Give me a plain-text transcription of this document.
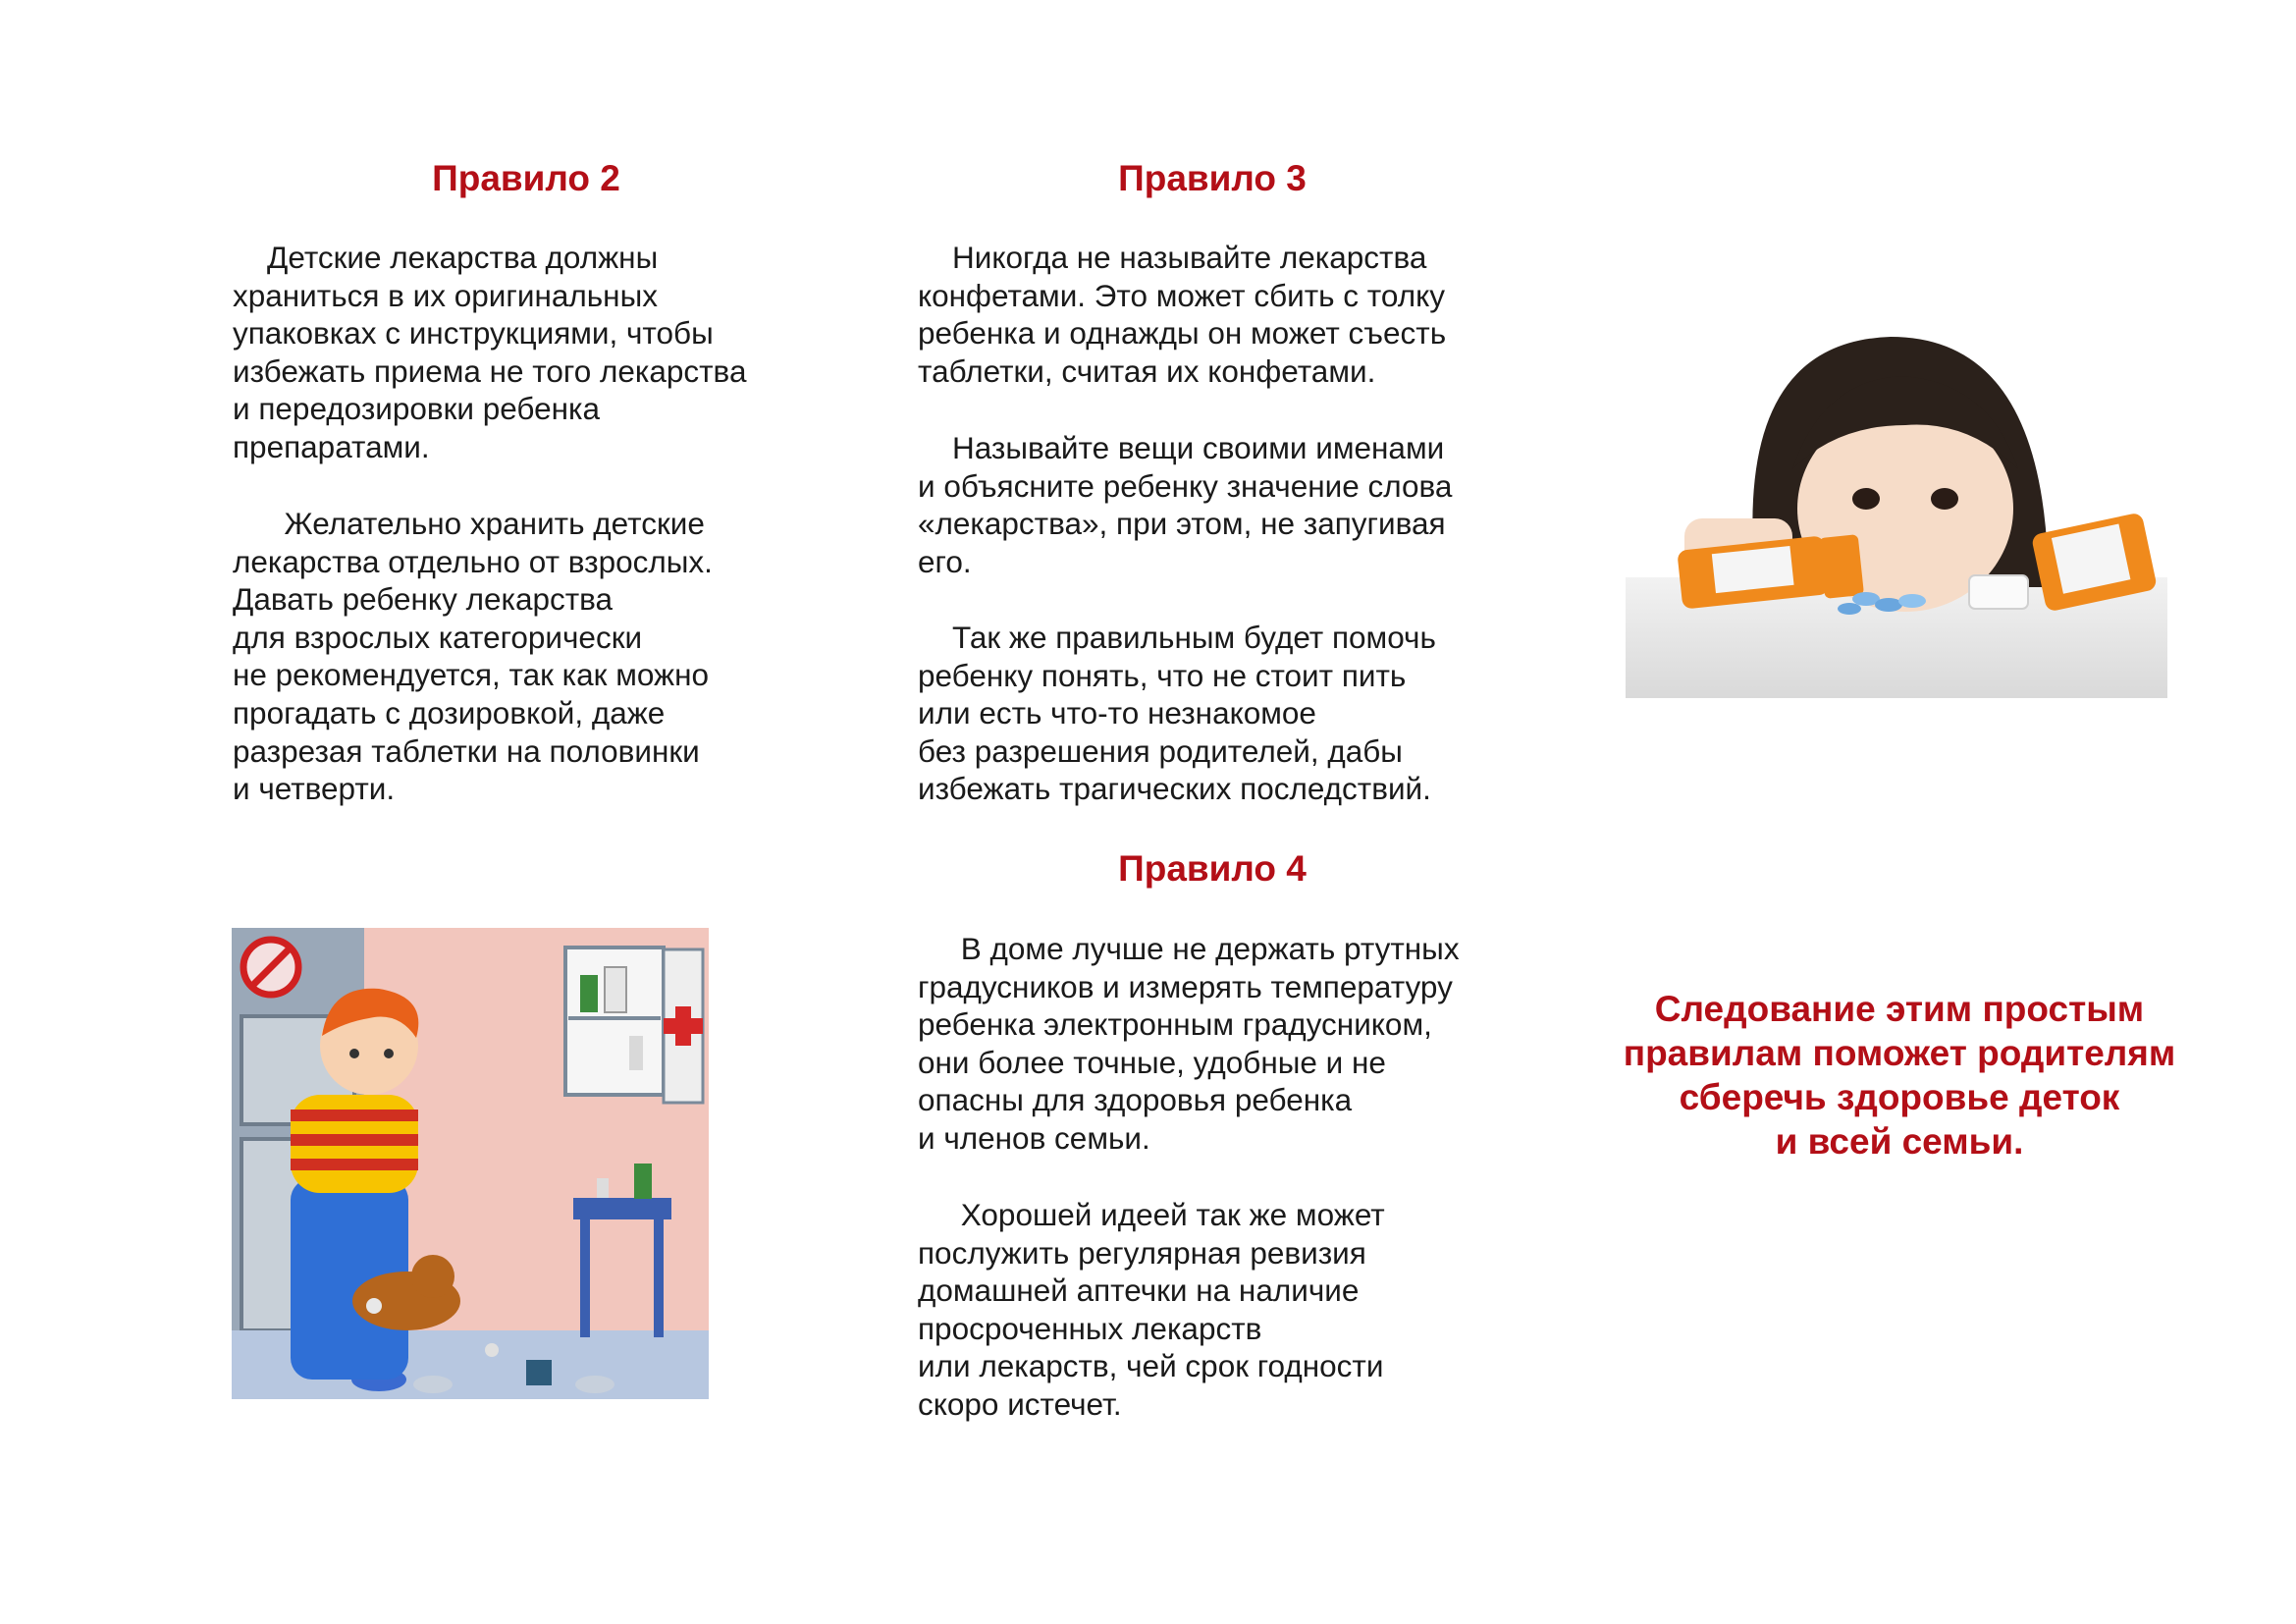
Правило 2

Детские лекарства должны
храниться в их оригинальных
упаковках с инструкциями, чтобы
избежать приема не того лекарства
и передозировки ребенка
препаратами.

Желательно хранить детские
лекарства отдельно от взрослых.
Давать ребенку лекарства
для взрослых категорически
не рекомендуется, так как можно
прогадать с дозировкой, даже
разрезая таблетки на половинки
и четверти.

Правило 3

Никогда не называйте лекарства
конфетами. Это может сбить с толку
ребенка и однажды он может съесть
таблетки, считая их конфетами.

Называйте вещи своими именами
и объясните ребенку значение слова
«лекарства», при этом, не запугивая
его.

Так же правильным будет помочь
ребенку понять, что не стоит пить
или есть что-то незнакомое
без разрешения родителей, дабы
избежать трагических последствий.

Правило 4

В доме лучше не держать ртутных
градусников и измерять температуру
ребенка электронным градусником,
они более точные, удобные и не
опасны для здоровья ребенка
и членов семьи.

Хорошей идеей так же может
послужить регулярная ревизия
домашней аптечки на наличие
просроченных лекарств
или лекарств, чей срок годности
скоро истечет.

Следование этим простым
правилам поможет родителям
сберечь здоровье деток
и всей семьи.
